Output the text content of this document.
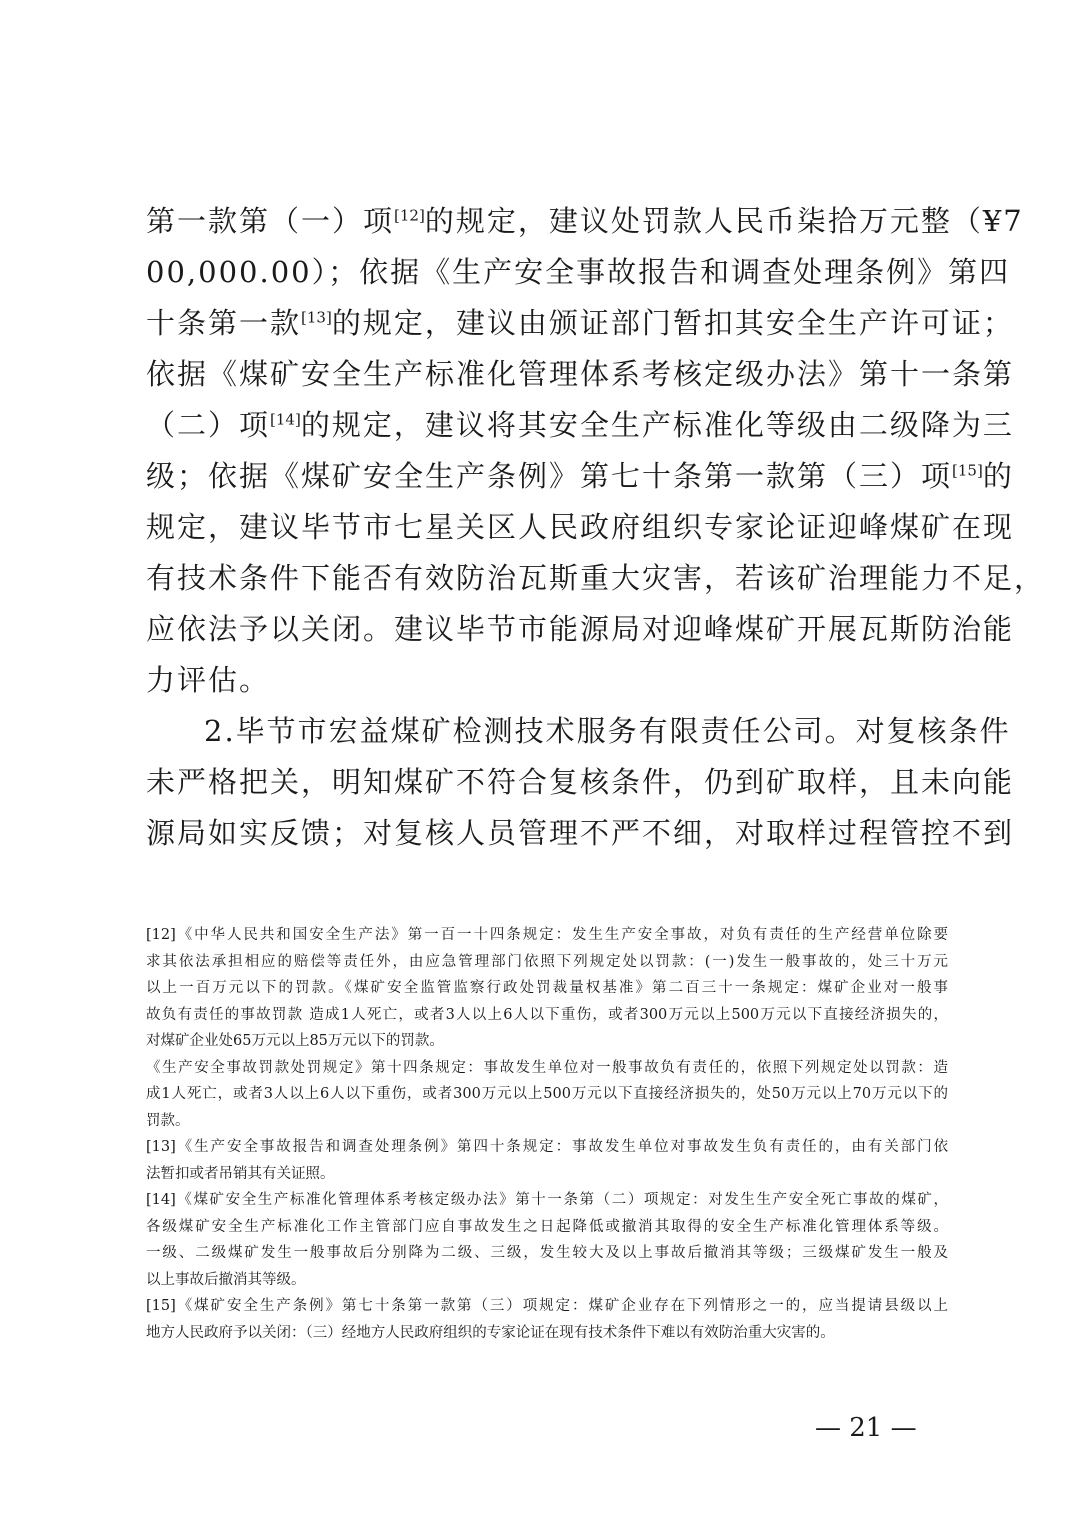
第一款第（一）项[12]的规定，建议处罚款人民币柒拾万元整（¥7
00,000.00）；依据《生产安全事故报告和调查处理条例》第四
十条第一款[13]的规定，建议由颁证部门暂扣其安全生产许可证；
依据《煤矿安全生产标准化管理体系考核定级办法》第十一条第
（二）项[14]的规定，建议将其安全生产标准化等级由二级降为三
级；依据《煤矿安全生产条例》第七十条第一款第（三）项[15]的
规定，建议毕节市七星关区人民政府组织专家论证迎峰煤矿在现
有技术条件下能否有效防治瓦斯重大灾害，若该矿治理能力不足，
应依法予以关闭。建议毕节市能源局对迎峰煤矿开展瓦斯防治能
力评估。
2.毕节市宏益煤矿检测技术服务有限责任公司。对复核条件
未严格把关，明知煤矿不符合复核条件，仍到矿取样，且未向能
源局如实反馈；对复核人员管理不严不细，对取样过程管控不到
[12]《中华人民共和国安全生产法》第一百一十四条规定：发生生产安全事故，对负有责任的生产经营单位除要
求其依法承担相应的赔偿等责任外，由应急管理部门依照下列规定处以罚款：(一)发生一般事故的，处三十万元
以上一百万元以下的罚款。《煤矿安全监管监察行政处罚裁量权基准》第二百三十一条规定：煤矿企业对一般事
故负有责任的事故罚款 造成1人死亡，或者3人以上6人以下重伤，或者300万元以上500万元以下直接经济损失的，
对煤矿企业处65万元以上85万元以下的罚款。
《生产安全事故罚款处罚规定》第十四条规定：事故发生单位对一般事故负有责任的，依照下列规定处以罚款：造
成1人死亡，或者3人以上6人以下重伤，或者300万元以上500万元以下直接经济损失的，处50万元以上70万元以下的
罚款。
[13]《生产安全事故报告和调查处理条例》第四十条规定：事故发生单位对事故发生负有责任的，由有关部门依
法暂扣或者吊销其有关证照。
[14]《煤矿安全生产标准化管理体系考核定级办法》第十一条第（二）项规定：对发生生产安全死亡事故的煤矿，
各级煤矿安全生产标准化工作主管部门应自事故发生之日起降低或撤消其取得的安全生产标准化管理体系等级。
一级、二级煤矿发生一般事故后分别降为二级、三级，发生较大及以上事故后撤消其等级；三级煤矿发生一般及
以上事故后撤消其等级。
[15]《煤矿安全生产条例》第七十条第一款第（三）项规定：煤矿企业存在下列情形之一的，应当提请县级以上
地方人民政府予以关闭：（三）经地方人民政府组织的专家论证在现有技术条件下难以有效防治重大灾害的。
— 21 —
